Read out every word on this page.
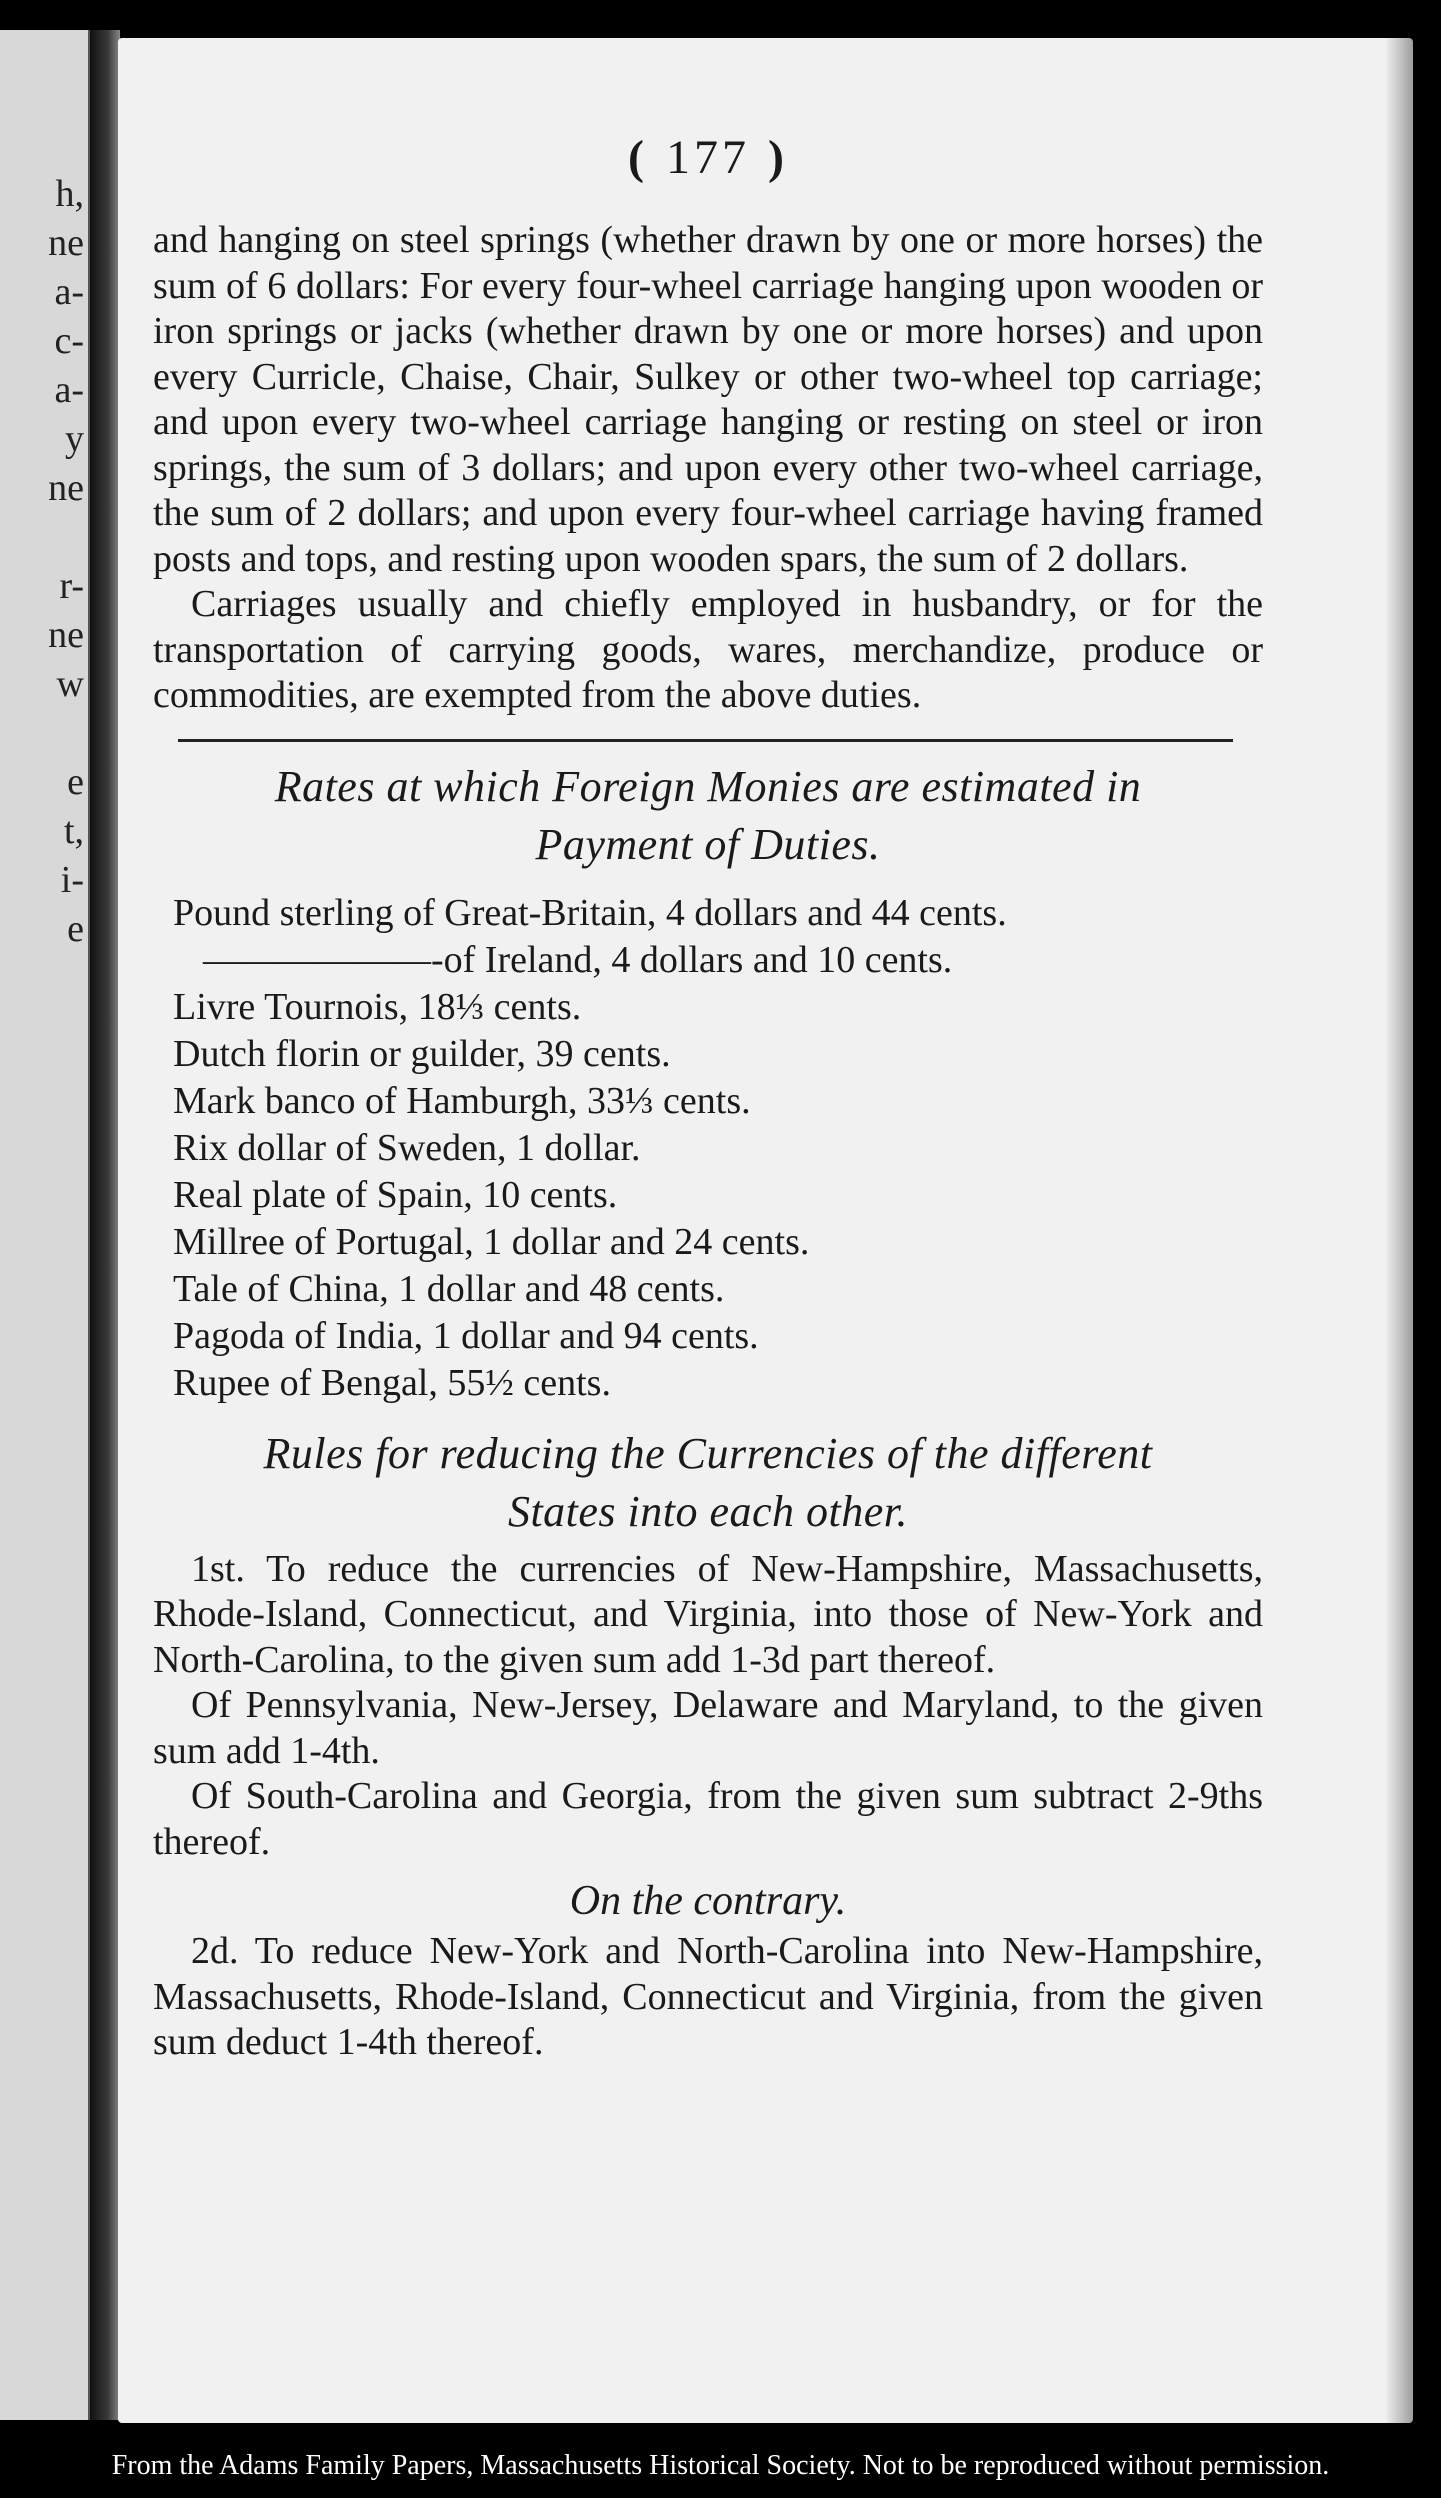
h,
ne
a-
c-
a-
y
ne
r-
ne
w
e
t,
i-
e
( 177 )

and hanging on steel springs (whether drawn by one or more horses) the sum of 6 dollars: For every four-wheel carriage hanging upon wooden or iron springs or jacks (whether drawn by one or more horses) and upon every Curricle, Chaise, Chair, Sulkey or other two-wheel top carriage; and upon every two-wheel carriage hanging or resting on steel or iron springs, the sum of 3 dollars; and upon every other two-wheel carriage, the sum of 2 dollars; and upon every four-wheel carriage having framed posts and tops, and resting upon wooden spars, the sum of 2 dollars.

Carriages usually and chiefly employed in husbandry, or for the transportation of carrying goods, wares, merchandize, produce or commodities, are exempted from the above duties.

Rates at which Foreign Monies are estimated in

Payment of Duties.

Pound sterling of Great-Britain, 4 dollars and 44 cents.
——————-of Ireland, 4 dollars and 10 cents.
Livre Tournois, 18⅓ cents.
Dutch florin or guilder, 39 cents.
Mark banco of Hamburgh, 33⅓ cents.
Rix dollar of Sweden, 1 dollar.
Real plate of Spain, 10 cents.
Millree of Portugal, 1 dollar and 24 cents.
Tale of China, 1 dollar and 48 cents.
Pagoda of India, 1 dollar and 94 cents.
Rupee of Bengal, 55½ cents.

Rules for reducing the Currencies of the different

States into each other.

1st. To reduce the currencies of New-Hampshire, Massachusetts, Rhode-Island, Connecticut, and Virginia, into those of New-York and North-Carolina, to the given sum add 1-3d part thereof.

Of Pennsylvania, New-Jersey, Delaware and Maryland, to the given sum add 1-4th.

Of South-Carolina and Georgia, from the given sum subtract 2-9ths thereof.

On the contrary.

2d. To reduce New-York and North-Carolina into New-Hampshire, Massachusetts, Rhode-Island, Connecticut and Virginia, from the given sum deduct 1-4th thereof.

From the Adams Family Papers, Massachusetts Historical Society. Not to be reproduced without permission.
